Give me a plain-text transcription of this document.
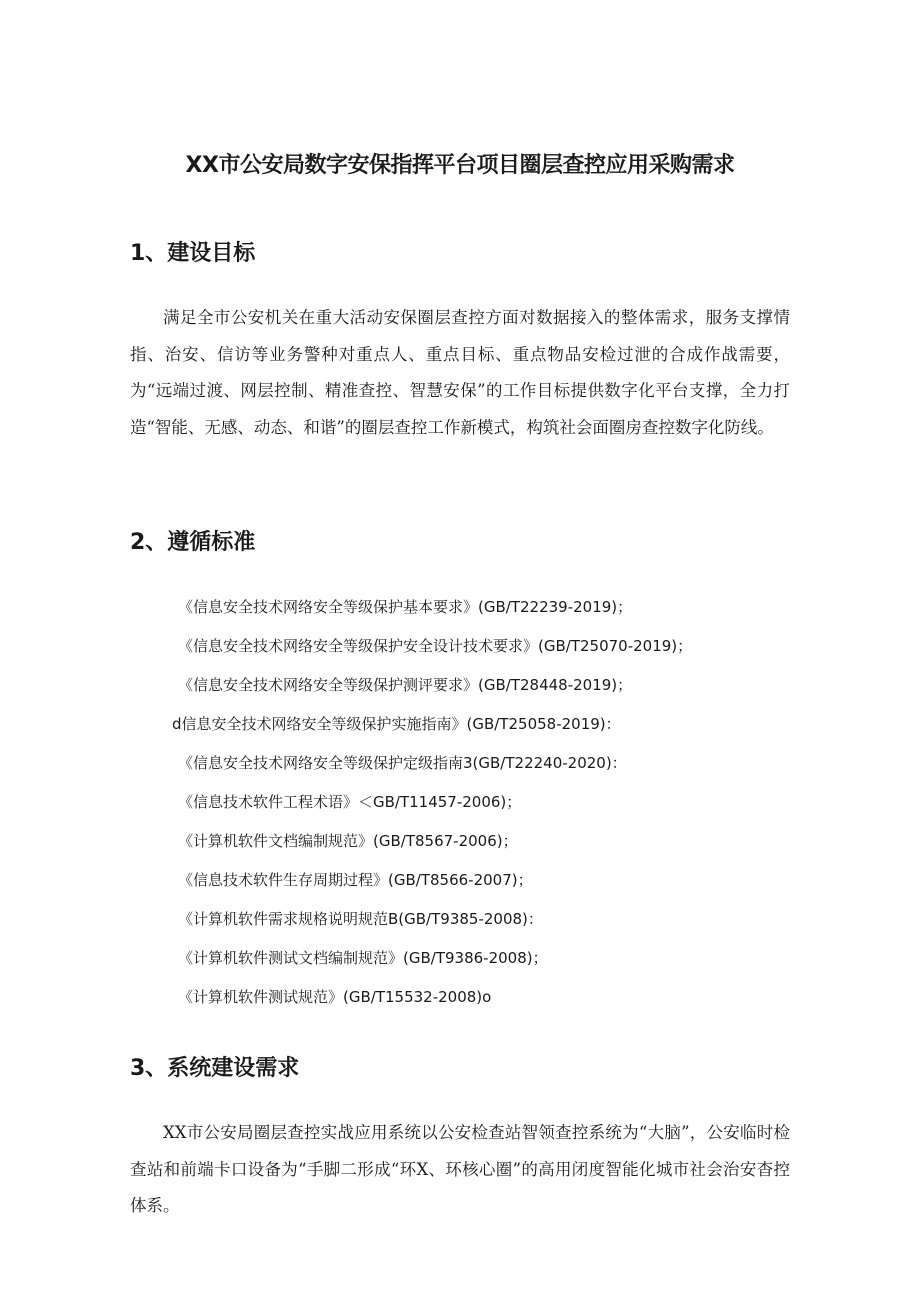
XX市公安局数字安保指挥平台项目圈层查控应用采购需求
1、建设目标

满足全市公安机关在重大活动安保圈层查控方面对数据接入的整体需求，服务支撑情指、治安、信访等业务警种对重点人、重点目标、重点物品安检过泄的合成作战需要，为“远端过渡、网层控制、精准查控、智慧安保”的工作目标提供数字化平台支撑，全力打造“智能、无感、动态、和谐”的圈层查控工作新模式，构筑社会面圈房查控数字化防线。

2、遵循标准
《信息安全技术网络安全等级保护基本要求》(GB/T22239-2019)；
《信息安全技术网络安全等级保护安全设计技术要求》(GB/T25070-2019)；
《信息安全技术网络安全等级保护测评要求》(GB/T28448-2019)；
d信息安全技术网络安全等级保护实施指南》(GB/T25058-2019)：
《信息安全技术网络安全等级保护定级指南3(GB/T22240-2020)：
《信息技术软件工程术语》＜GB/T11457-2006)；
《计算机软件文档编制规范》(GB/T8567-2006)；
《信息技术软件生存周期过程》(GB/T8566-2007)；
《计算机软件需求规格说明规范B(GB/T9385-2008)：
《计算机软件测试文档编制规范》(GB/T9386-2008)；
《计算机软件测试规范》(GB/T15532-2008)o
3、系统建设需求

XX市公安局圈层查控实战应用系统以公安检查站智领查控系统为“大脑”，公安临时检查站和前端卡口设备为“手脚二形成“环X、环核心圈”的高用闭度智能化城市社会治安杳控体系。
